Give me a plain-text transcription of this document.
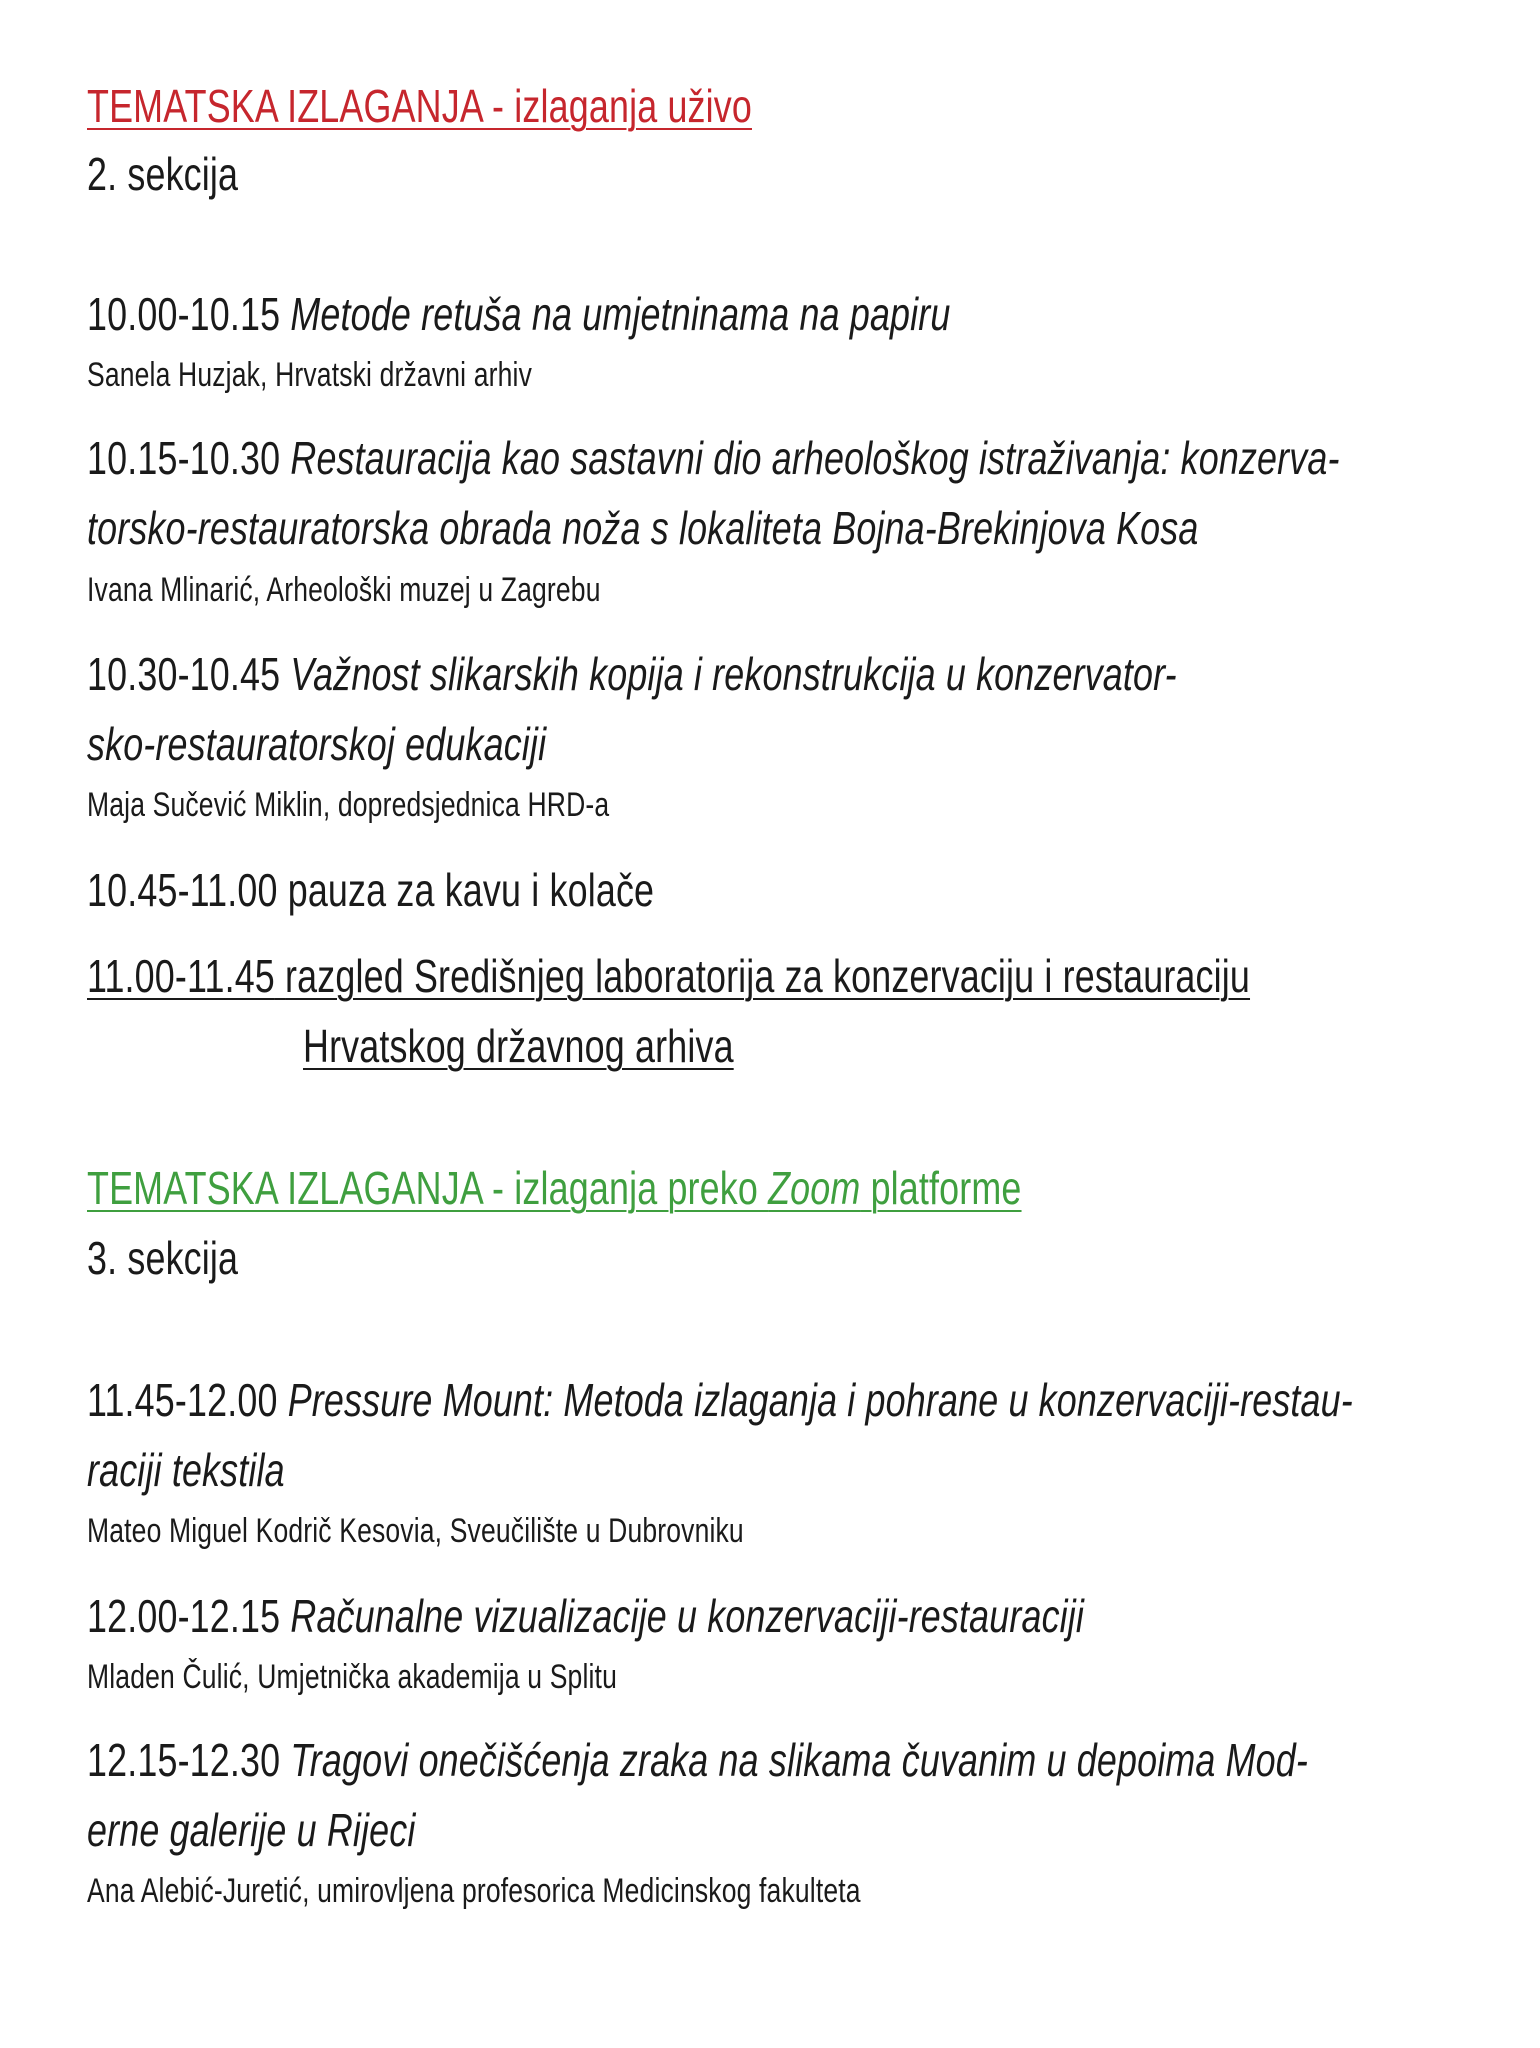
TEMATSKA IZLAGANJA - izlaganja uživo
2. sekcija
10.00-10.15 Metode retuša na umjetninama na papiru
Sanela Huzjak, Hrvatski državni arhiv
10.15-10.30 Restauracija kao sastavni dio arheološkog istraživanja: konzerva-
torsko-restauratorska obrada noža s lokaliteta Bojna-Brekinjova Kosa
Ivana Mlinarić, Arheološki muzej u Zagrebu
10.30-10.45 Važnost slikarskih kopija i rekonstrukcija u konzervator-
sko-restauratorskoj edukaciji
Maja Sučević Miklin, dopredsjednica HRD-a
10.45-11.00 pauza za kavu i kolače
11.00-11.45 razgled Središnjeg laboratorija za konzervaciju i restauraciju
Hrvatskog državnog arhiva
TEMATSKA IZLAGANJA - izlaganja preko Zoom platforme
3. sekcija
11.45-12.00 Pressure Mount: Metoda izlaganja i pohrane u konzervaciji-restau-
raciji tekstila
Mateo Miguel Kodrič Kesovia, Sveučilište u Dubrovniku
12.00-12.15 Računalne vizualizacije u konzervaciji-restauraciji
Mladen Čulić, Umjetnička akademija u Splitu
12.15-12.30 Tragovi onečišćenja zraka na slikama čuvanim u depoima Mod-
erne galerije u Rijeci
Ana Alebić-Juretić, umirovljena profesorica Medicinskog fakulteta
